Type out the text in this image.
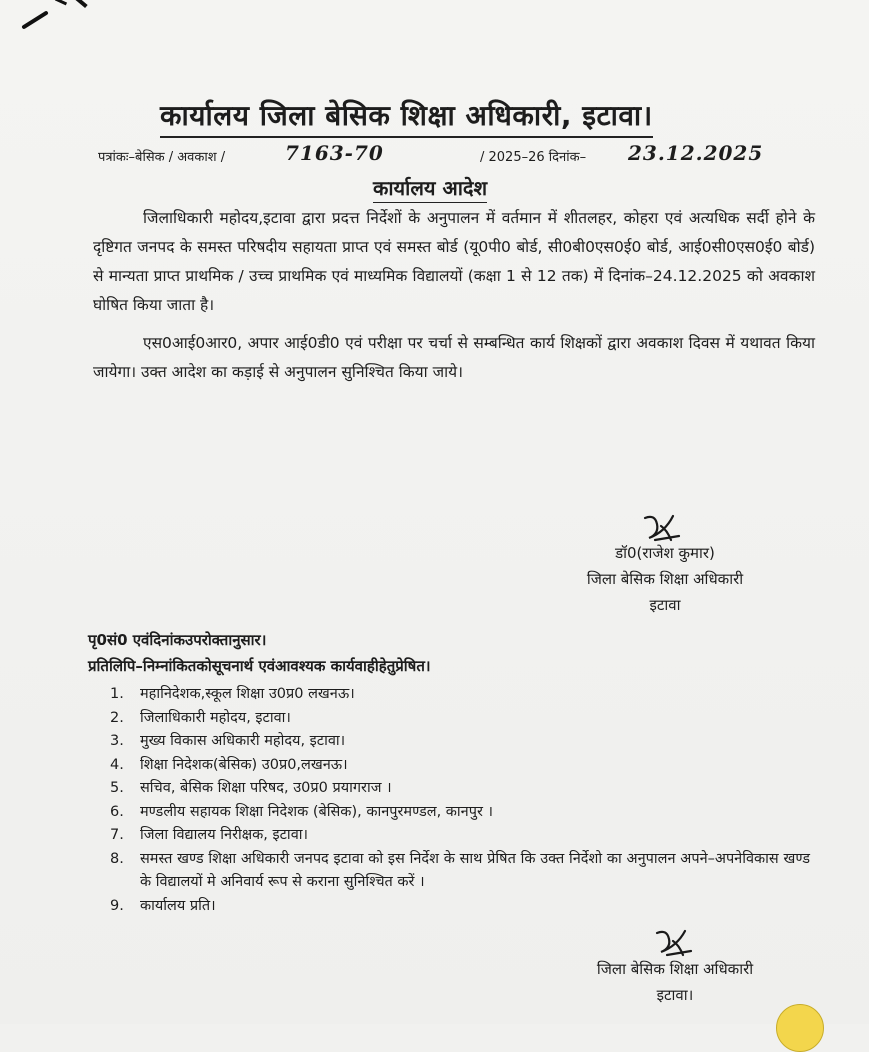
कार्यालय जिला बेसिक शिक्षा अधिकारी, इटावा।
पत्रांकः–बेसिक / अवकाश /	7163-70	/ 2025–26 दिनांक– 23.12.2025
कार्यालय आदेश

जिलाधिकारी महोदय,इटावा द्वारा प्रदत्त निर्देशों के अनुपालन में वर्तमान में शीतलहर, कोहरा एवं अत्यधिक सर्दी होने के दृष्टिगत जनपद के समस्त परिषदीय सहायता प्राप्त एवं समस्त बोर्ड (यू0पी0 बोर्ड, सी0बी0एस0ई0 बोर्ड, आई0सी0एस0ई0 बोर्ड) से मान्यता प्राप्त प्राथमिक / उच्च प्राथमिक एवं माध्यमिक विद्यालयों (कक्षा 1 से 12 तक) में दिनांक–24.12.2025 को अवकाश घोषित किया जाता है।

एस0आई0आर0, अपार आई0डी0 एवं परीक्षा पर चर्चा से सम्बन्धित कार्य शिक्षकों द्वारा अवकाश दिवस में यथावत किया जायेगा। उक्त आदेश का कड़ाई से अनुपालन सुनिश्चित किया जाये।

डॉ0(राजेश कुमार)
जिला बेसिक शिक्षा अधिकारी
इटावा
पृ0सं0 एवंदिनांकउपरोक्तानुसार।
प्रतिलिपि–निम्नांकितकोसूचनार्थ एवंआवश्यक कार्यवाहीहेतुप्रेषित।
1.	महानिदेशक,स्कूल शिक्षा उ0प्र0 लखनऊ।
2.	जिलाधिकारी महोदय, इटावा।
3.	मुख्य विकास अधिकारी महोदय, इटावा।
4.	शिक्षा निदेशक(बेसिक) उ0प्र0,लखनऊ।
5.	सचिव, बेसिक शिक्षा परिषद, उ0प्र0 प्रयागराज ।
6.	मण्डलीय सहायक शिक्षा निदेशक (बेसिक), कानपुरमण्डल, कानपुर ।
7.	जिला विद्यालय निरीक्षक, इटावा।
8.	समस्त खण्ड शिक्षा अधिकारी जनपद इटावा को इस निर्देश के साथ प्रेषित कि उक्त निर्देशो का अनुपालन अपने–अपनेविकास खण्ड के विद्यालयों मे अनिवार्य रूप से कराना सुनिश्चित करें ।
9.	कार्यालय प्रति।
जिला बेसिक शिक्षा अधिकारी
इटावा।
